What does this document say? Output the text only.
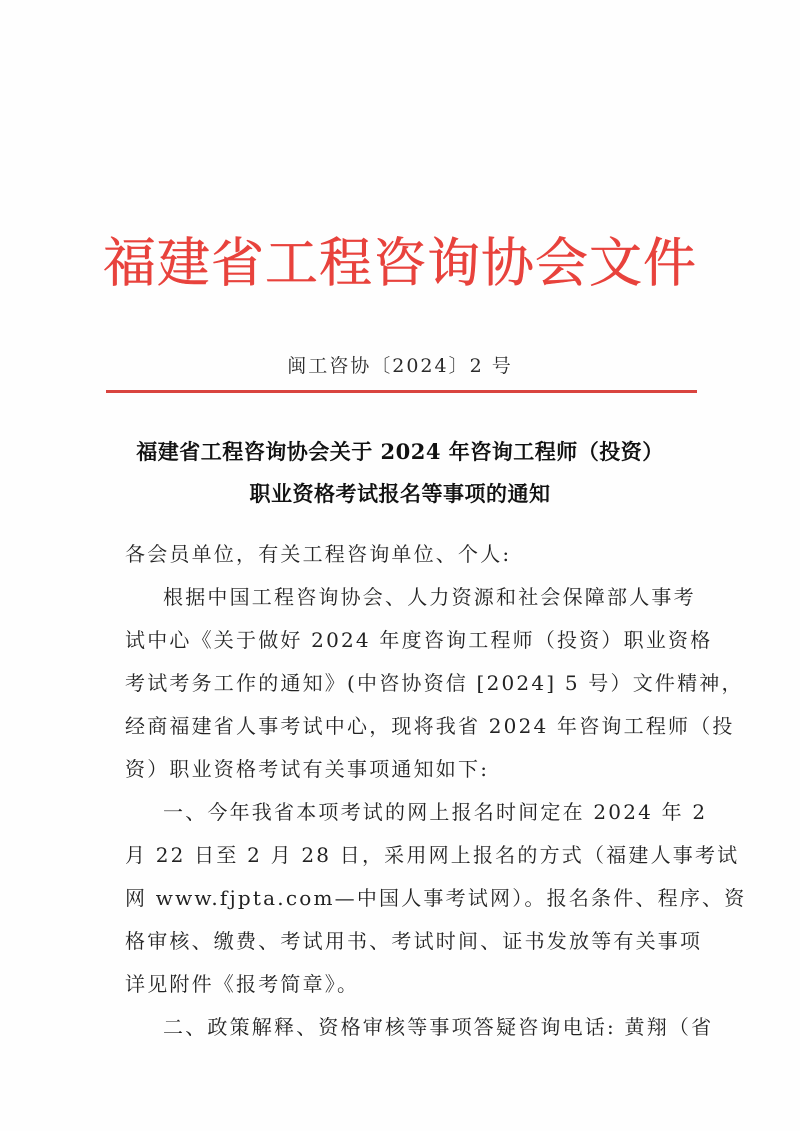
福建省工程咨询协会文件
闽工咨协〔2024〕2 号
福建省工程咨询协会关于 2024 年咨询工程师（投资）
职业资格考试报名等事项的通知
各会员单位，有关工程咨询单位、个人:
根据中国工程咨询协会、人力资源和社会保障部人事考
试中心《关于做好 2024 年度咨询工程师（投资）职业资格
考试考务工作的通知》(中咨协资信 [2024] 5 号）文件精神，
经商福建省人事考试中心，现将我省 2024 年咨询工程师（投
资）职业资格考试有关事项通知如下:
一、今年我省本项考试的网上报名时间定在 2024 年 2
月 22 日至 2 月 28 日，采用网上报名的方式（福建人事考试
网 www.fjpta.com—中国人事考试网）。报名条件、程序、资
格审核、缴费、考试用书、考试时间、证书发放等有关事项
详见附件《报考简章》。
二、政策解释、资格审核等事项答疑咨询电话: 黄翔（省
